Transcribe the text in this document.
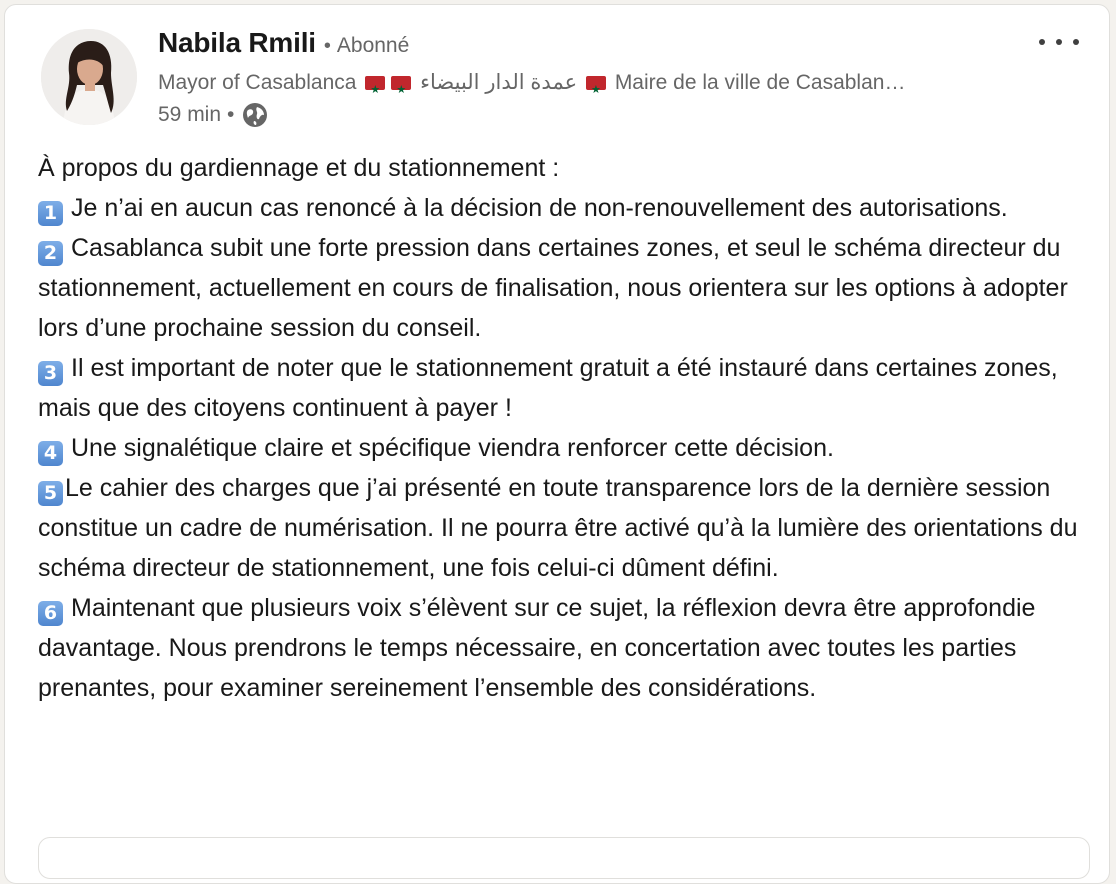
Nabila Rmili • Abonné
Mayor of Casablanca ★ ★	عمدة الدار البيضاء ★ Maire de la ville de Casablan…
59 min •

À propos du gardiennage et du stationnement :

1 Je n’ai en aucun cas renoncé à la décision de non-renouvellement des autorisations.

2 Casablanca subit une forte pression dans certaines zones, et seul le schéma directeur du stationnement, actuellement en cours de finalisation, nous orientera sur les options à adopter lors d’une prochaine session du conseil.

3 Il est important de noter que le stationnement gratuit a été instauré dans certaines zones, mais que des citoyens continuent à payer !

4 Une signalétique claire et spécifique viendra renforcer cette décision.

5 Le cahier des charges que j’ai présenté en toute transparence lors de la dernière session constitue un cadre de numérisation. Il ne pourra être activé qu’à la lumière des orientations du schéma directeur de stationnement, une fois celui-ci dûment défini.

6 Maintenant que plusieurs voix s’élèvent sur ce sujet, la réflexion devra être approfondie davantage. Nous prendrons le temps nécessaire, en concertation avec toutes les parties prenantes, pour examiner sereinement l’ensemble des considérations.
